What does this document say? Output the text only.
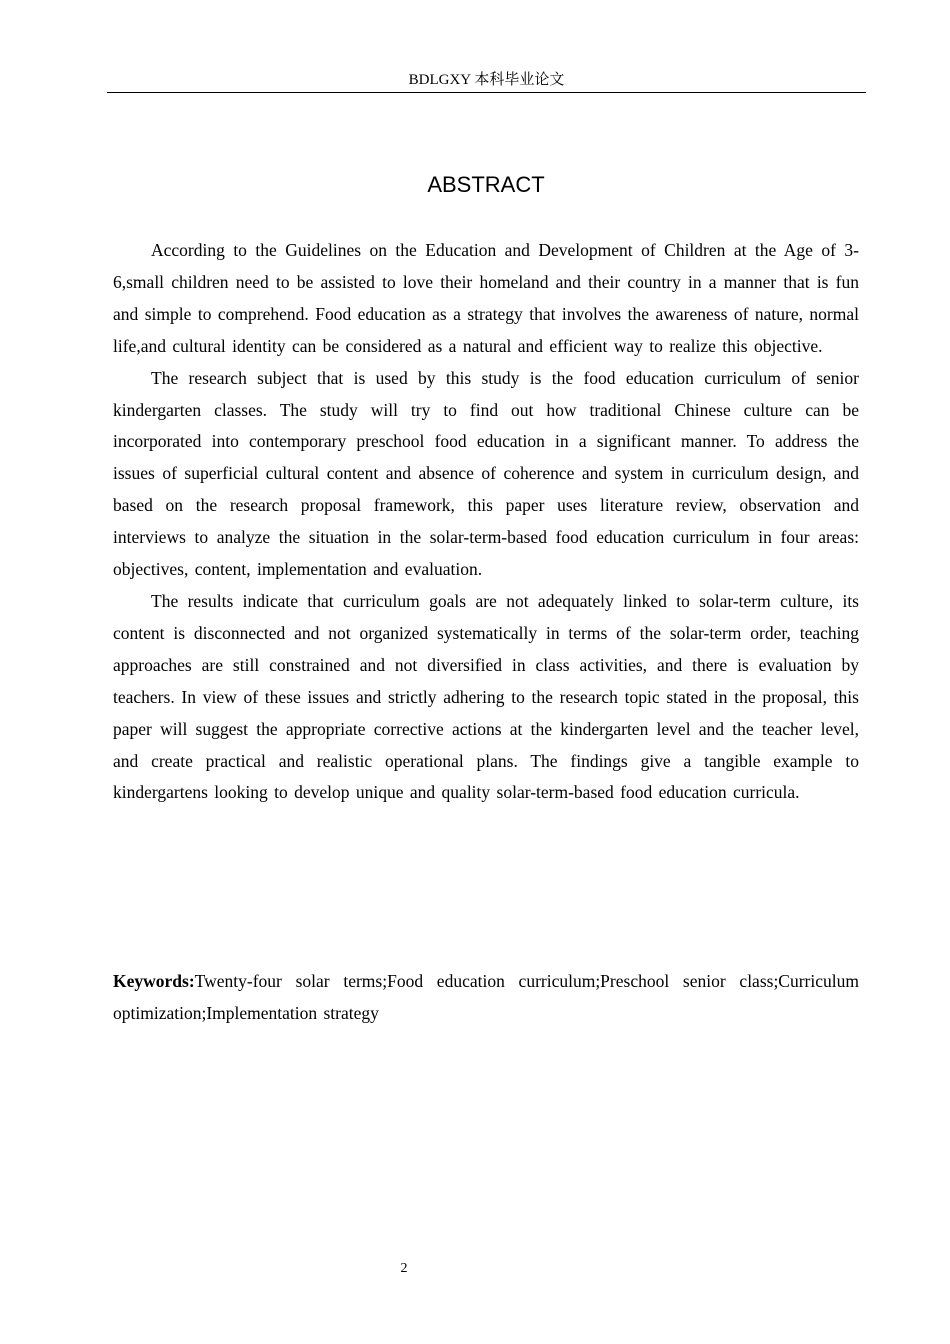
BDLGXY 本科毕业论文
ABSTRACT

According to the Guidelines on the Education and Development of Children at the Age of 3-6,small children need to be assisted to love their homeland and their country in a manner that is fun and simple to comprehend. Food education as a strategy that involves the awareness of nature, normal life,and cultural identity can be considered as a natural and efficient way to realize this objective.

The research subject that is used by this study is the food education curriculum of senior kindergarten classes. The study will try to find out how traditional Chinese culture can be incorporated into contemporary preschool food education in a significant manner. To address the issues of superficial cultural content and absence of coherence and system in curriculum design, and based on the research proposal framework, this paper uses literature review, observation and interviews to analyze the situation in the solar-term-based food education curriculum in four areas: objectives, content, implementation and evaluation.

The results indicate that curriculum goals are not adequately linked to solar-term culture, its content is disconnected and not organized systematically in terms of the solar-term order, teaching approaches are still constrained and not diversified in class activities, and there is evaluation by teachers. In view of these issues and strictly adhering to the research topic stated in the proposal, this paper will suggest the appropriate corrective actions at the kindergarten level and the teacher level, and create practical and realistic operational plans. The findings give a tangible example to kindergartens looking to develop unique and quality solar-term-based food education curricula.

Keywords:Twenty-four solar terms;Food education curriculum;Preschool senior class;Curriculum optimization;Implementation strategy
2
